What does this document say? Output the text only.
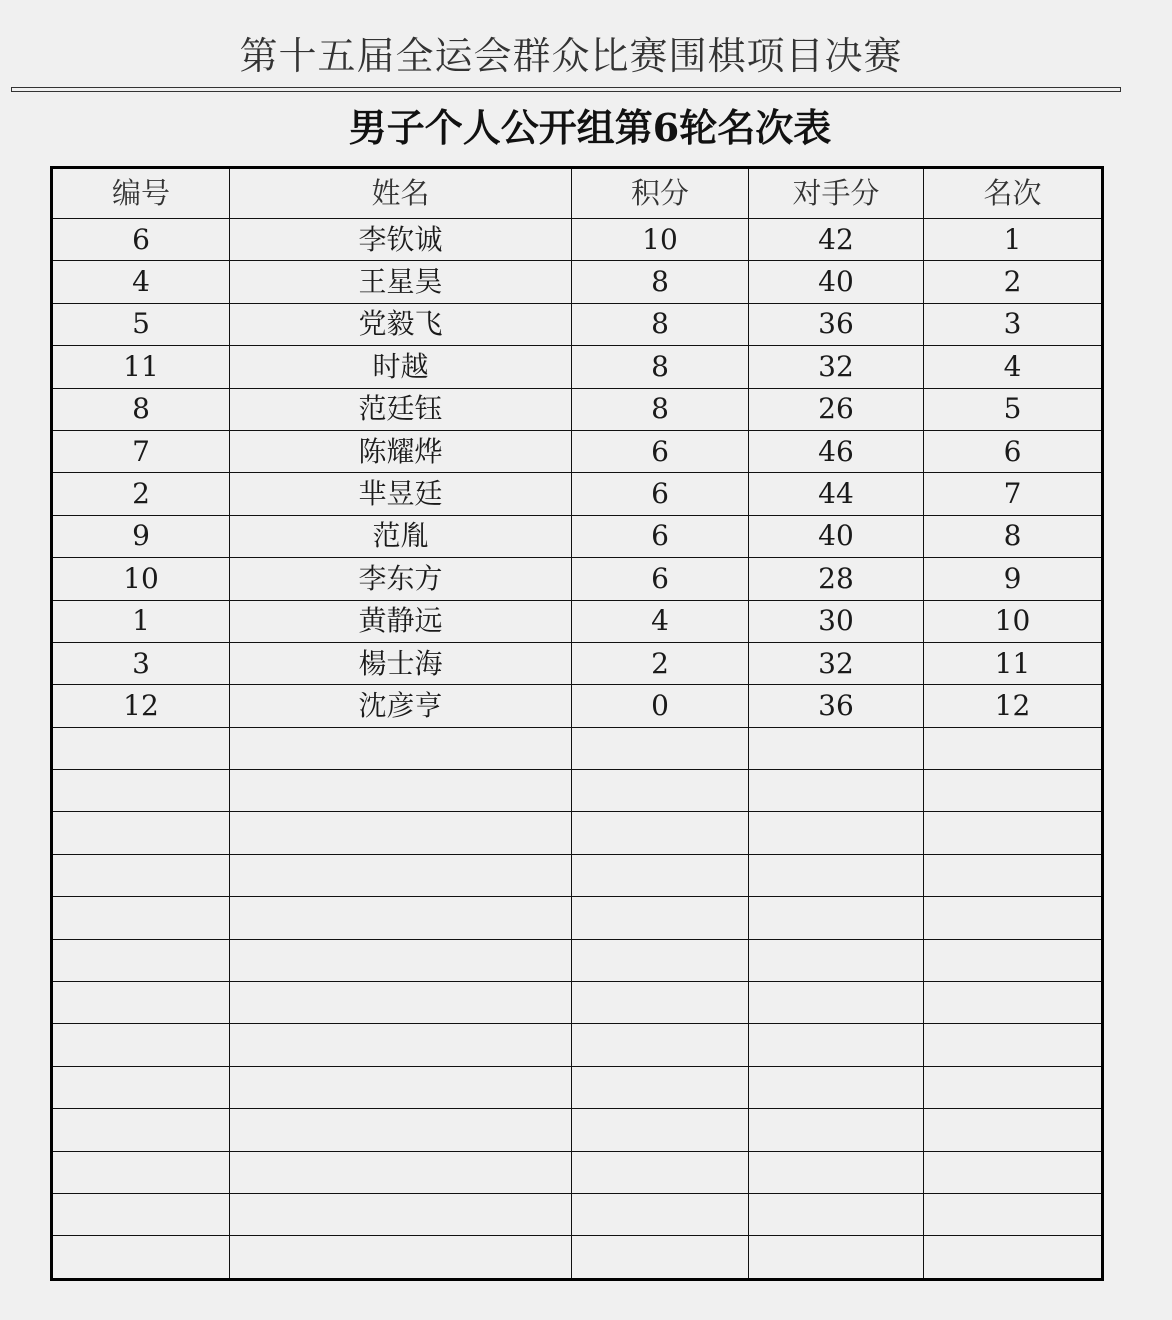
第十五届全运会群众比赛围棋项目决赛
男子个人公开组第6轮名次表
编号	姓名	积分	对手分	名次
6	李钦诚	10	42	1
4	王星昊	8	40	2
5	党毅飞	8	36	3
11	时越	8	32	4
8	范廷钰	8	26	5
7	陈耀烨	6	46	6
2	芈昱廷	6	44	7
9	范胤	6	40	8
10	李东方	6	28	9
1	黄静远	4	30	10
3	楊士海	2	32	11
12	沈彦亨	0	36	12
